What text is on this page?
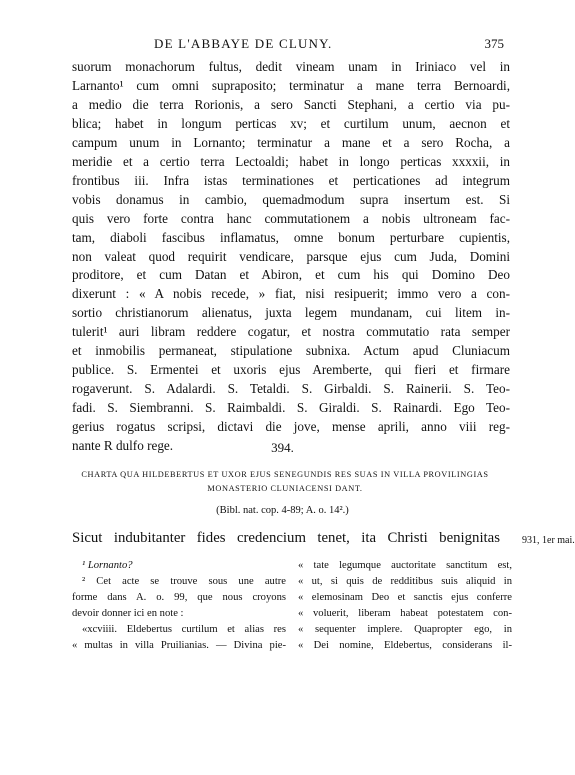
DE L'ABBAYE DE CLUNY.	375
suorum monachorum fultus, dedit vineam unam in Iriniaco vel in
Larnanto¹ cum omni supraposito; terminatur a mane terra Bernoardi,
a medio die terra Rorionis, a sero Sancti Stephani, a certio via pu-
blica; habet in longum perticas xv; et curtilum unum, aecnon et
campum unum in Lornanto; terminatur a mane et a sero Rocha, a
meridie et a certio terra Lectoaldi; habet in longo perticas xxxxii, in
frontibus iii. Infra istas terminationes et perticationes ad integrum
vobis donamus in cambio, quemadmodum supra insertum est. Si
quis vero forte contra hanc commutationem a nobis ultroneam fac-
tam, diaboli fascibus inflamatus, omne bonum perturbare cupientis,
non valeat quod requirit vendicare, parsque ejus cum Juda, Domini
proditore, et cum Datan et Abiron, et cum his qui Domino Deo
dixerunt : « A nobis recede, » fiat, nisi resipuerit; immo vero a con-
sortio christianorum alienatus, juxta legem mundanam, cui litem in-
tulerit¹ auri libram reddere cogatur, et nostra commutatio rata semper
et inmobilis permaneat, stipulatione subnixa. Actum apud Cluniacum
publice. S. Ermentei et uxoris ejus Aremberte, qui fieri et firmare
rogaverunt. S. Adalardi. S. Tetaldi. S. Girbaldi. S. Rainerii. S. Teo-
fadi. S. Siembranni. S. Raimbaldi. S. Giraldi. S. Rainardi. Ego Teo-
gerius rogatus scripsi, dictavi die jove, mense aprili, anno viii reg-
nante R dulfo rege.	394.
CHARTA QUA HILDEBERTUS ET UXOR EJUS SENEGUNDIS RES SUAS IN VILLA PROVILINGIAS
MONASTERIO CLUNIACENSI DANT.
(Bibl. nat. cop. 4-89; A. o. 14².)
Sicut indubitanter fides credencium tenet, ita Christi benignitas 931, 1er mai.
¹ Lornanto?
² Cet acte se trouve sous une autre
forme dans A. o. 99, que nous croyons
devoir donner ici en note :
«xcviiii. Eldebertus curtilum et alias res
« multas in villa Pruilianias. — Divina pie-
« tate legumque auctoritate sanctitum est,
« ut, si quis de redditibus suis aliquid in
« elemosinam Deo et sanctis ejus conferre
« voluerit, liberam habeat potestatem con-
« sequenter implere. Quapropter ego, in
« Dei nomine, Eldebertus, considerans il-
